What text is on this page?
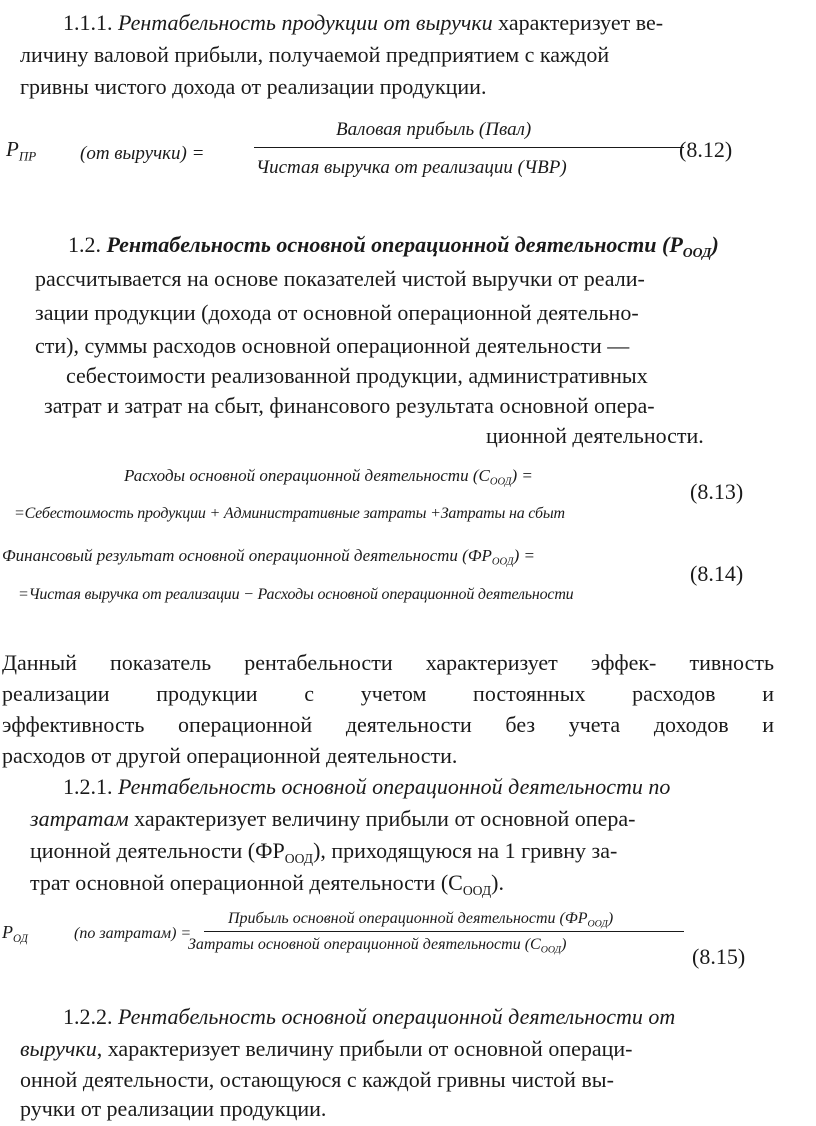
1.1.1. Рентабельность продукции от выручки характеризует ве-
личину валовой прибыли, получаемой предприятием с каждой
гривны чистого дохода от реализации продукции.
$P_{ПР}$ (от выручки) =
Валовая прибыль (Пвал)
Чистая выручка от реализации (ЧВР)
(8.12)
1.2. Рентабельность основной операционной деятельности $(P_{ООД})$
рассчитывается на основе показателей чистой выручки от реали-
зации продукции (дохода от основной операционной деятельно-
сти), суммы расходов основной операционной деятельности —
себестоимости реализованной продукции, административных
затрат и затрат на сбыт, финансового результата основной опера-
ционной деятельности.
Расходы основной операционной деятельности $(C_{ООД})$ =
=Себестоимость продукции + Административные затраты +Затраты на сбыт
(8.13)
Финансовый результат основной операционной деятельности $(ФР_{ООД})$ =
=Чистая выручка от реализации − Расходы основной операционной деятельности
(8.14)
Данный показатель рентабельности характеризует эффек- тивность
реализации продукции с учетом постоянных расходов и
эффективность операционной деятельности без учета доходов и
расходов от другой операционной деятельности.
1.2.1. Рентабельность основной операционной деятельности по
затратам характеризует величину прибыли от основной опера-
ционной деятельности $(ФР_{ООД})$, приходящуюся на 1 гривну за-
трат основной операционной деятельности $(С_{ООД})$.
$P_{ОД}$	(по затратам) =
Прибыль основной операционной деятельности $(ФР_{ООД})$
Затраты основной операционной деятельности $(С_{ООД})$	(8.15)
1.2.2. Рентабельность основной операционной деятельности от
выручки, характеризует величину прибыли от основной операци-
онной деятельности, остающуюся с каждой гривны чистой вы-
ручки от реализации продукции.
